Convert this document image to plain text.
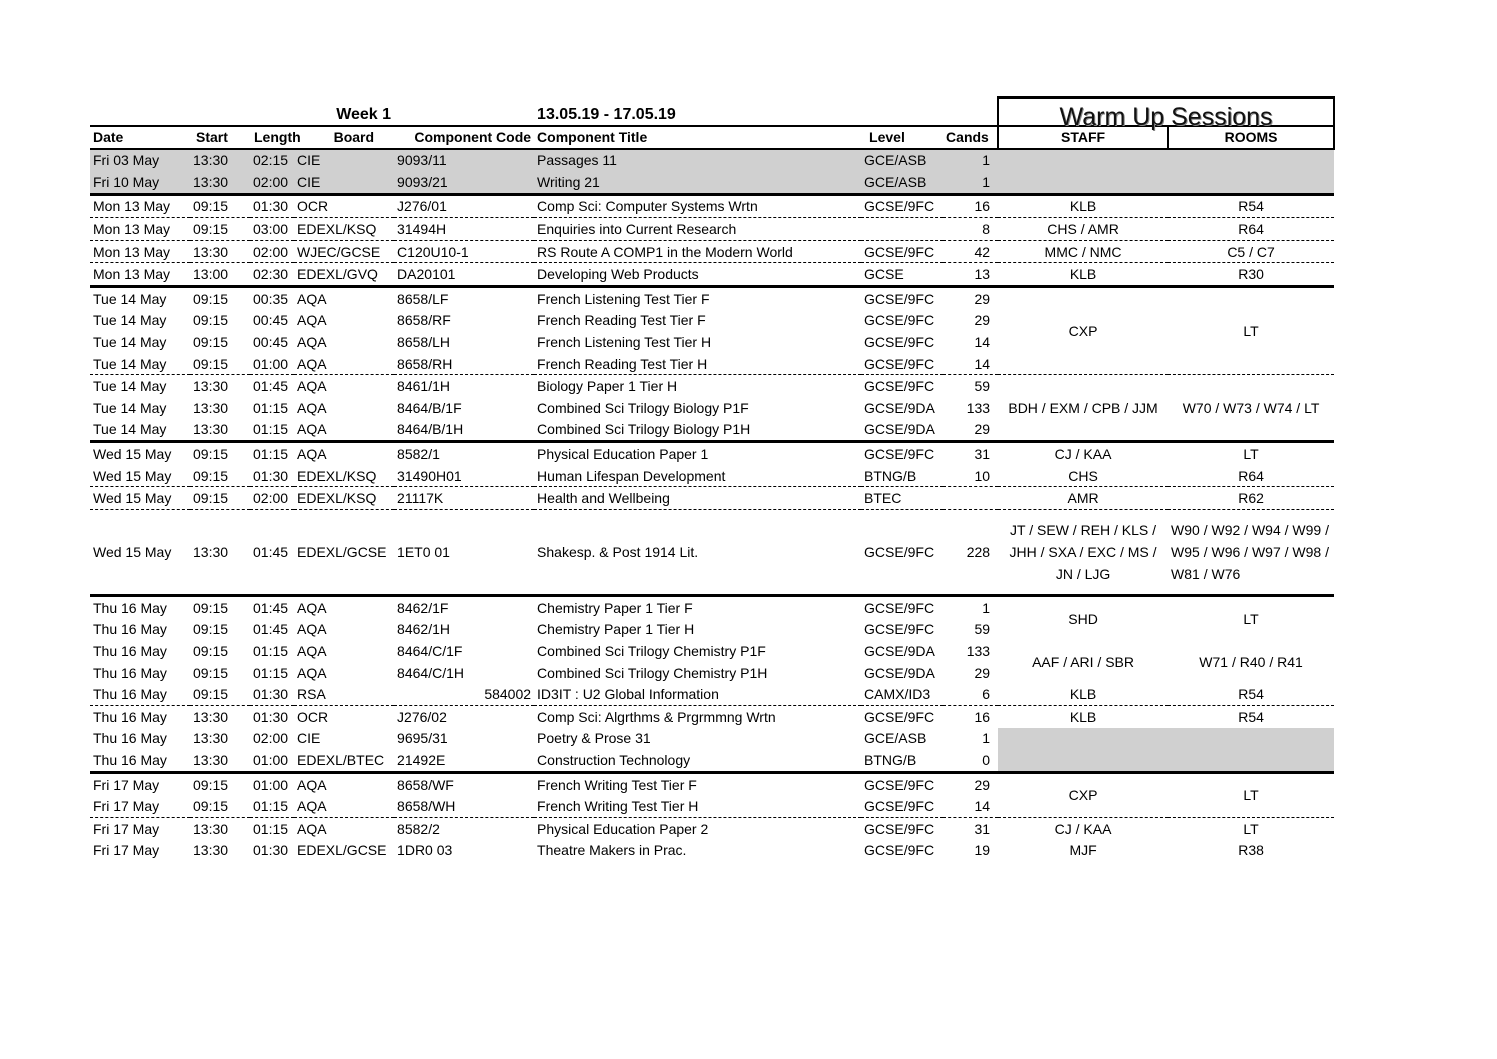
Week 1					13.05.19 - 17.05.19			Warm Up Sessions	
Date	Start	Length	Board	Component Code	Component Title	Level	Cands	STAFF	ROOMS
Fri 03 May	13:30	02:15	CIE	9093/11	Passages 11	GCE/ASB	1		
Fri 10 May	13:30	02:00	CIE	9093/21	Writing 21	GCE/ASB	1		
Mon 13 May	09:15	01:30	OCR	J276/01	Comp Sci: Computer Systems Wrtn	GCSE/9FC	16	KLB	R54
Mon 13 May	09:15	03:00	EDEXL/KSQ	31494H	Enquiries into Current Research		8	CHS / AMR	R64
Mon 13 May	13:30	02:00	WJEC/GCSE	C120U10-1	RS Route A COMP1 in the Modern World	GCSE/9FC	42	MMC / NMC	C5 / C7
Mon 13 May	13:00	02:30	EDEXL/GVQ	DA20101	Developing Web Products	GCSE	13	KLB	R30
Tue 14 May	09:15	00:35	AQA	8658/LF	French Listening Test Tier F	GCSE/9FC	29	CXP	LT
Tue 14 May	09:15	00:45	AQA	8658/RF	French Reading Test Tier F	GCSE/9FC	29		
Tue 14 May	09:15	00:45	AQA	8658/LH	French Listening Test Tier H	GCSE/9FC	14		
Tue 14 May	09:15	01:00	AQA	8658/RH	French Reading Test Tier H	GCSE/9FC	14		
Tue 14 May	13:30	01:45	AQA	8461/1H	Biology Paper 1 Tier H	GCSE/9FC	59	BDH / EXM / CPB / JJM	W70 / W73 / W74 / LT
Tue 14 May	13:30	01:15	AQA	8464/B/1F	Combined Sci Trilogy Biology P1F	GCSE/9DA	133		
Tue 14 May	13:30	01:15	AQA	8464/B/1H	Combined Sci Trilogy Biology P1H	GCSE/9DA	29		
Wed 15 May	09:15	01:15	AQA	8582/1	Physical Education Paper 1	GCSE/9FC	31	CJ / KAA	LT
Wed 15 May	09:15	01:30	EDEXL/KSQ	31490H01	Human Lifespan Development	BTNG/B	10	CHS	R64
Wed 15 May	09:15	02:00	EDEXL/KSQ	21117K	Health and Wellbeing	BTEC		AMR	R62
Wed 15 May	13:30	01:45	EDEXL/GCSE	1ET0 01	Shakesp. & Post 1914 Lit.	GCSE/9FC	228	JT / SEW / REH / KLS / JHH / SXA / EXC / MS / JN / LJG	W90 / W92 / W94 / W99 / W95 / W96 / W97 / W98 / W81 / W76
Thu 16 May	09:15	01:45	AQA	8462/1F	Chemistry Paper 1 Tier F	GCSE/9FC	1	SHD	LT
Thu 16 May	09:15	01:45	AQA	8462/1H	Chemistry Paper 1 Tier H	GCSE/9FC	59		
Thu 16 May	09:15	01:15	AQA	8464/C/1F	Combined Sci Trilogy Chemistry P1F	GCSE/9DA	133	AAF / ARI / SBR	W71 / R40 / R41
Thu 16 May	09:15	01:15	AQA	8464/C/1H	Combined Sci Trilogy Chemistry P1H	GCSE/9DA	29		
Thu 16 May	09:15	01:30	RSA	584002	ID3IT : U2 Global Information	CAMX/ID3	6	KLB	R54
Thu 16 May	13:30	01:30	OCR	J276/02	Comp Sci: Algrthms & Prgrmmng Wrtn	GCSE/9FC	16	KLB	R54
Thu 16 May	13:30	02:00	CIE	9695/31	Poetry & Prose 31	GCE/ASB	1		
Thu 16 May	13:30	01:00	EDEXL/BTEC	21492E	Construction Technology	BTNG/B	0		
Fri 17 May	09:15	01:00	AQA	8658/WF	French Writing Test Tier F	GCSE/9FC	29	CXP	LT
Fri 17 May	09:15	01:15	AQA	8658/WH	French Writing Test Tier H	GCSE/9FC	14		
Fri 17 May	13:30	01:15	AQA	8582/2	Physical Education Paper 2	GCSE/9FC	31	CJ / KAA	LT
Fri 17 May	13:30	01:30	EDEXL/GCSE	1DR0 03	Theatre Makers in Prac.	GCSE/9FC	19	MJF	R38
